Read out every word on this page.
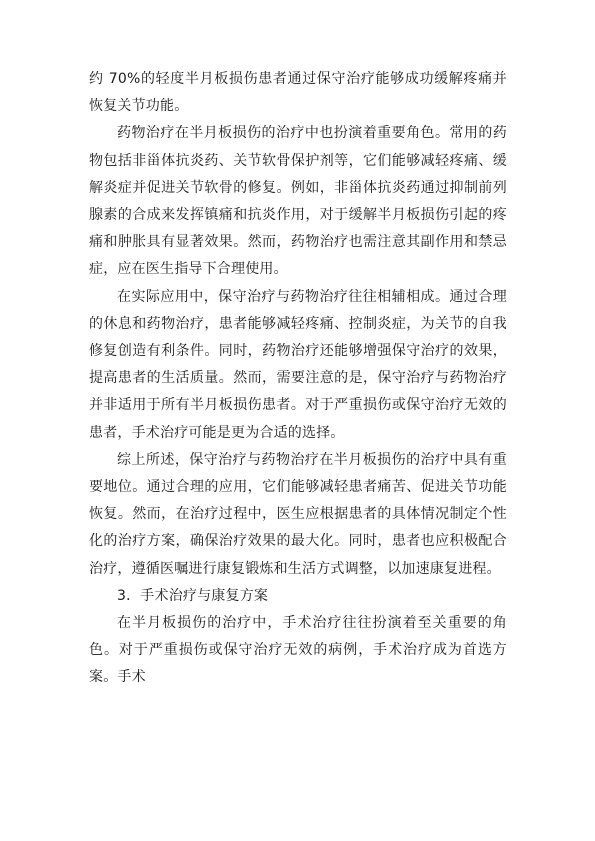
约 70%的轻度半月板损伤患者通过保守治疗能够成功缓解疼痛并恢复关节功能。

药物治疗在半月板损伤的治疗中也扮演着重要角色。常用的药物包括非甾体抗炎药、关节软骨保护剂等，它们能够减轻疼痛、缓解炎症并促进关节软骨的修复。例如，非甾体抗炎药通过抑制前列腺素的合成来发挥镇痛和抗炎作用，对于缓解半月板损伤引起的疼痛和肿胀具有显著效果。然而，药物治疗也需注意其副作用和禁忌症，应在医生指导下合理使用。

在实际应用中，保守治疗与药物治疗往往相辅相成。通过合理的休息和药物治疗，患者能够减轻疼痛、控制炎症，为关节的自我修复创造有利条件。同时，药物治疗还能够增强保守治疗的效果，提高患者的生活质量。然而，需要注意的是，保守治疗与药物治疗并非适用于所有半月板损伤患者。对于严重损伤或保守治疗无效的患者，手术治疗可能是更为合适的选择。

综上所述，保守治疗与药物治疗在半月板损伤的治疗中具有重要地位。通过合理的应用，它们能够减轻患者痛苦、促进关节功能恢复。然而，在治疗过程中，医生应根据患者的具体情况制定个性化的治疗方案，确保治疗效果的最大化。同时，患者也应积极配合治疗，遵循医嘱进行康复锻炼和生活方式调整，以加速康复进程。

3．手术治疗与康复方案

在半月板损伤的治疗中，手术治疗往往扮演着至关重要的角色。对于严重损伤或保守治疗无效的病例，手术治疗成为首选方案。手术
